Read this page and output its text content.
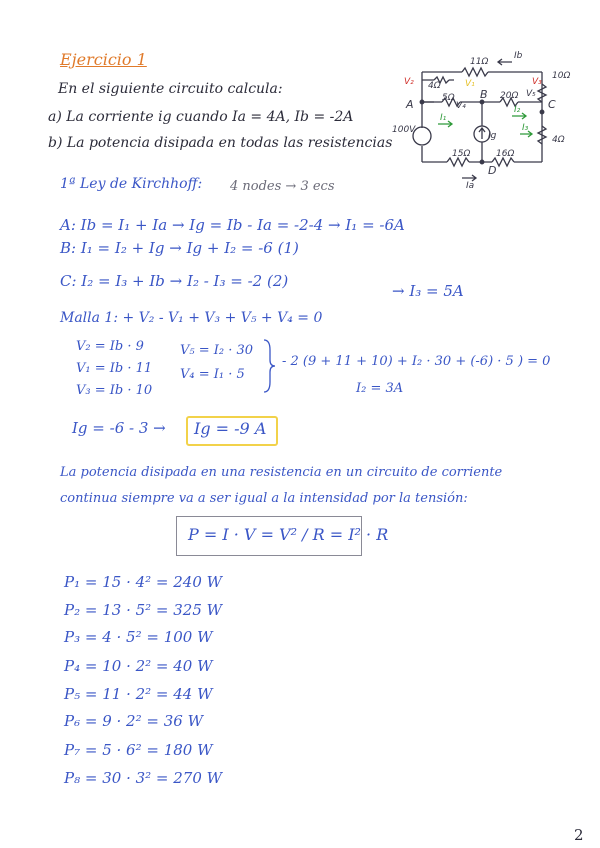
Ejercicio 1
En el siguiente circuito calcula:
a) La corriente ig cuando Ia = 4A, Ib = -2A
b) La potencia disipada en todas las resistencias
V₂	V₁	V₃
V₄
V₅
10Ω
4Ω
11Ω
Ib
4Ω
A
B
C
D
5Ω	20Ω
100V
15Ω	16Ω
Ia
Ig
I₁
I₂
I₃
1ª Ley de Kirchhoff: 4 nodes → 3 ecs
A: Ib = I₁ + Ia → Ig = Ib - Ia = -2-4 → I₁ = -6A
B: I₁ = I₂ + Ig → Ig + I₂ = -6 (1)
C: I₂ = I₃ + Ib → I₂ - I₃ = -2 (2)
→ I₃ = 5A
Malla 1: + V₂ - V₁ + V₃ + V₅ + V₄ = 0
V₂ = Ib · 9
V₁ = Ib · 11
V₃ = Ib · 10
V₅ = I₂ · 30
V₄ = I₁ · 5
- 2 (9 + 11 + 10) + I₂ · 30 + (-6) · 5 ) = 0
I₂ = 3A
Ig = -6 - 3 → Ig = -9 A
La potencia disipada en una resistencia en un circuito de corriente
continua siempre va a ser igual a la intensidad por la tensión:
P = I · V = V² / R = I² · R
P₁ = 15 · 4² = 240 W
P₂ = 13 · 5² = 325 W
P₃ = 4 · 5² = 100 W
P₄ = 10 · 2² = 40 W
P₅ = 11 · 2² = 44 W
P₆ = 9 · 2² = 36 W
P₇ = 5 · 6² = 180 W
P₈ = 30 · 3² = 270 W
2
